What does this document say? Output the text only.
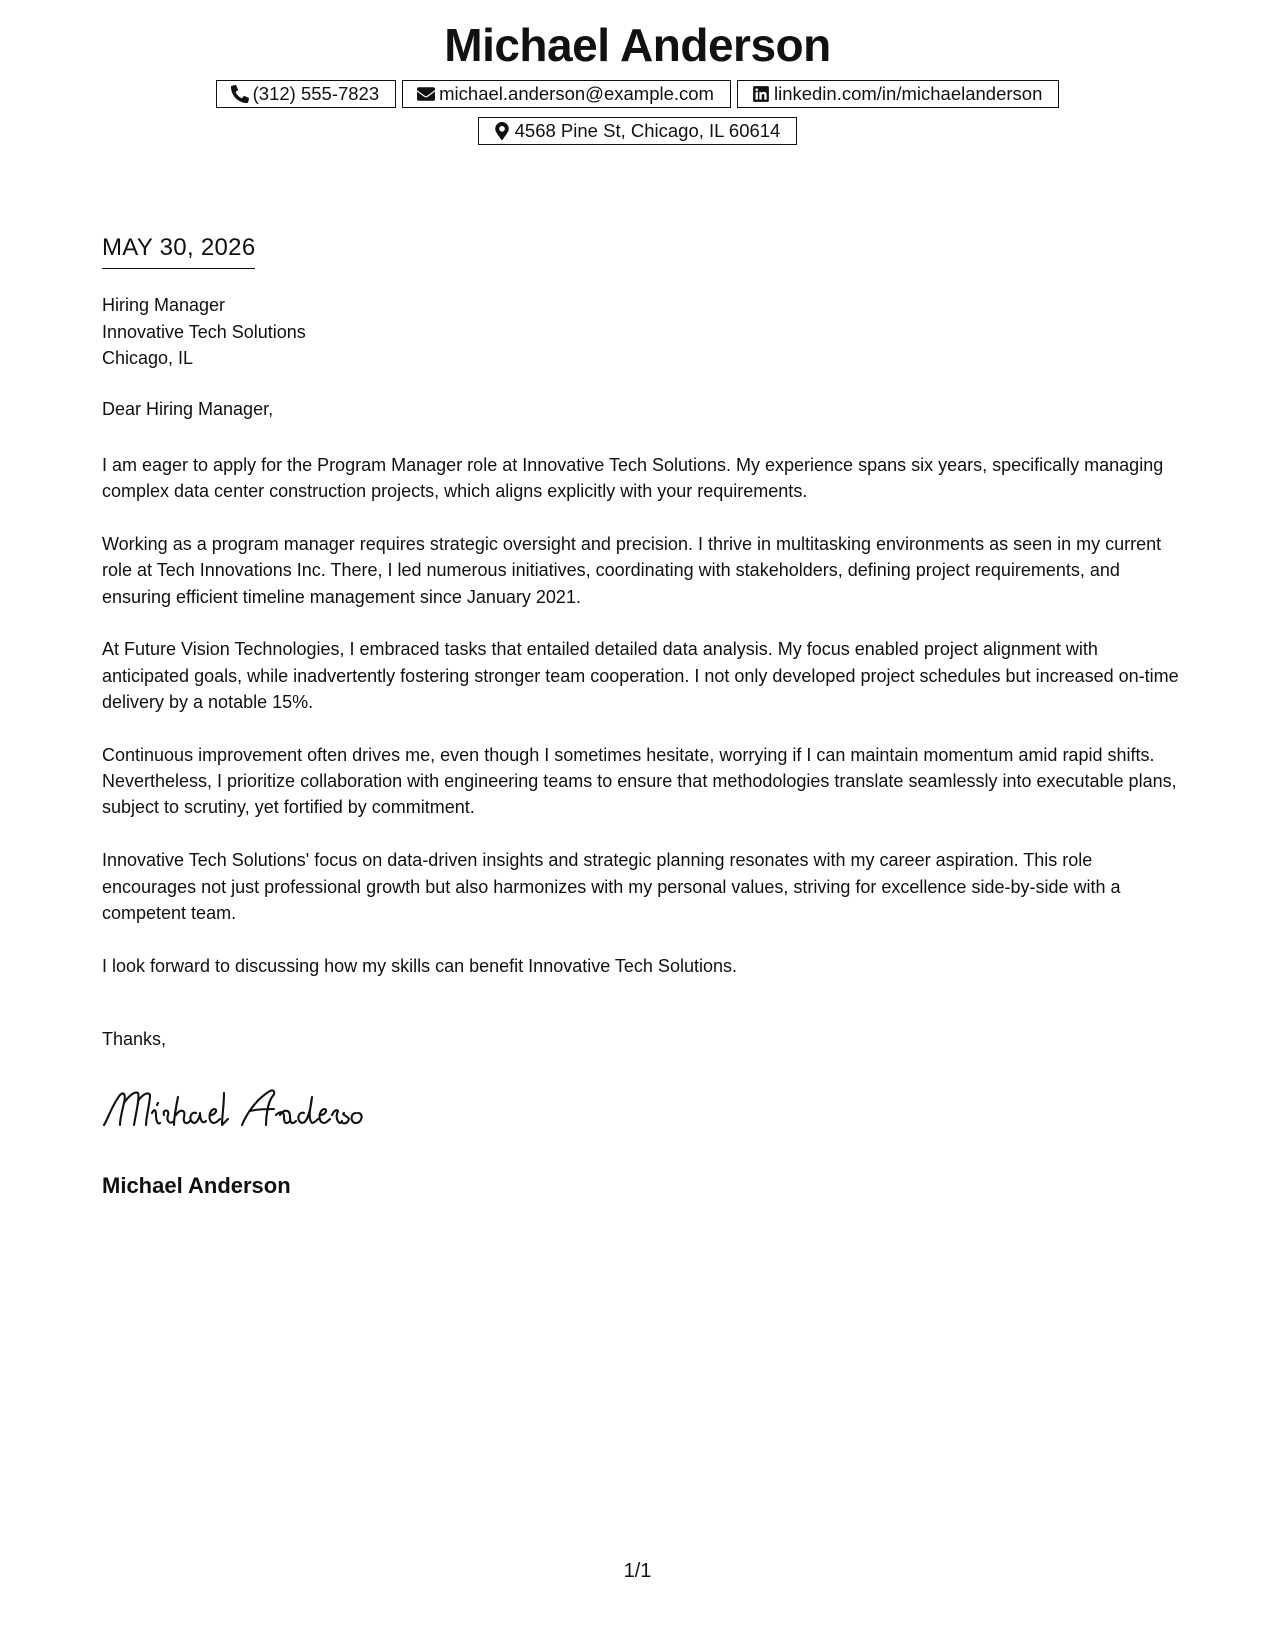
Michael Anderson
(312) 555-7823	michael.anderson@example.com	linkedin.com/in/michaelanderson
4568 Pine St, Chicago, IL 60614
MAY 30, 2026
Hiring Manager
Innovative Tech Solutions
Chicago, IL
Dear Hiring Manager,

I am eager to apply for the Program Manager role at Innovative Tech Solutions. My experience spans six years, specifically managing complex data center construction projects, which aligns explicitly with your requirements.

Working as a program manager requires strategic oversight and precision. I thrive in multitasking environments as seen in my current role at Tech Innovations Inc. There, I led numerous initiatives, coordinating with stakeholders, defining project requirements, and ensuring efficient timeline management since January 2021.

At Future Vision Technologies, I embraced tasks that entailed detailed data analysis. My focus enabled project alignment with anticipated goals, while inadvertently fostering stronger team cooperation. I not only developed project schedules but increased on-time delivery by a notable 15%.

Continuous improvement often drives me, even though I sometimes hesitate, worrying if I can maintain momentum amid rapid shifts. Nevertheless, I prioritize collaboration with engineering teams to ensure that methodologies translate seamlessly into executable plans, subject to scrutiny, yet fortified by commitment.

Innovative Tech Solutions' focus on data-driven insights and strategic planning resonates with my career aspiration. This role encourages not just professional growth but also harmonizes with my personal values, striving for excellence side-by-side with a competent team.

I look forward to discussing how my skills can benefit Innovative Tech Solutions.

Thanks,
Michael Anderson
1/1
